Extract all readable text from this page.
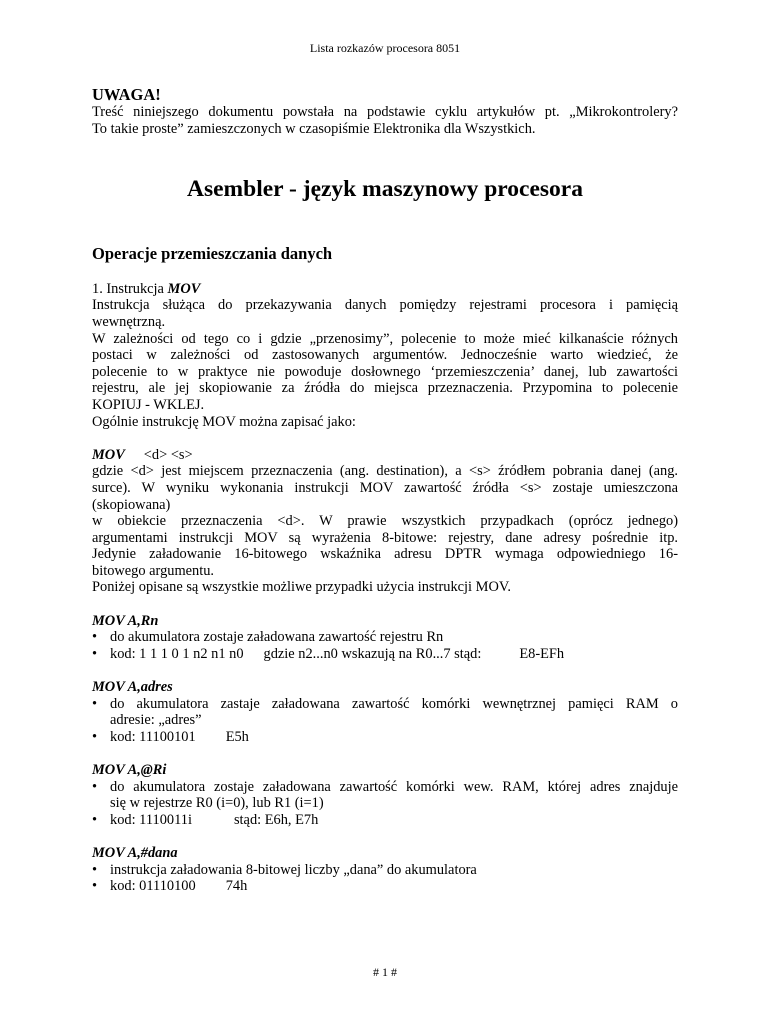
Lista rozkazów procesora 8051
UWAGA!
Treść niniejszego dokumentu powstała na podstawie cyklu artykułów pt. „Mikrokontrolery?
To takie proste” zamieszczonych w czasopiśmie Elektronika dla Wszystkich.
Asembler - język maszynowy procesora
Operacje przemieszczania danych
1. Instrukcja MOV
Instrukcja służąca do przekazywania danych pomiędzy rejestrami procesora i pamięcią
wewnętrzną.
W zależności od tego co i gdzie „przenosimy”, polecenie to może mieć kilkanaście różnych
postaci w zależności od zastosowanych argumentów. Jednocześnie warto wiedzieć, że
polecenie to w praktyce nie powoduje dosłownego ‘przemieszczenia’ danej, lub zawartości
rejestru, ale jej skopiowanie za źródła do miejsca przeznaczenia. Przypomina to polecenie
KOPIUJ - WKLEJ.
Ogólnie instrukcję MOV można zapisać jako:
MOV <d> <s>
gdzie <d> jest miejscem przeznaczenia (ang. destination), a <s> źródłem pobrania danej (ang.
surce). W wyniku wykonania instrukcji MOV zawartość źródła <s> zostaje umieszczona
(skopiowana)
w obiekcie przeznaczenia <d>. W prawie wszystkich przypadkach (oprócz jednego)
argumentami instrukcji MOV są wyrażenia 8-bitowe: rejestry, dane adresy pośrednie itp.
Jedynie załadowanie 16-bitowego wskaźnika adresu DPTR wymaga odpowiedniego 16-
bitowego argumentu.
Poniżej opisane są wszystkie możliwe przypadki użycia instrukcji MOV.
MOV A,Rn
• do akumulatora zostaje załadowana zawartość rejestru Rn
• kod: 1 1 1 0 1 n2 n1 n0 gdzie n2...n0 wskazują na R0...7 stąd:	E8-EFh
MOV A,adres
• do akumulatora zastaje załadowana zawartość komórki wewnętrznej pamięci RAM o
adresie: „adres”
• kod: 11100101 E5h
MOV A,@Ri
• do akumulatora zostaje załadowana zawartość komórki wew. RAM, której adres znajduje
się w rejestrze R0 (i=0), lub R1 (i=1)
• kod: 1110011i	stąd: E6h, E7h
MOV A,#dana
• instrukcja załadowania 8-bitowej liczby „dana” do akumulatora
• kod: 01110100 74h
# 1 #
